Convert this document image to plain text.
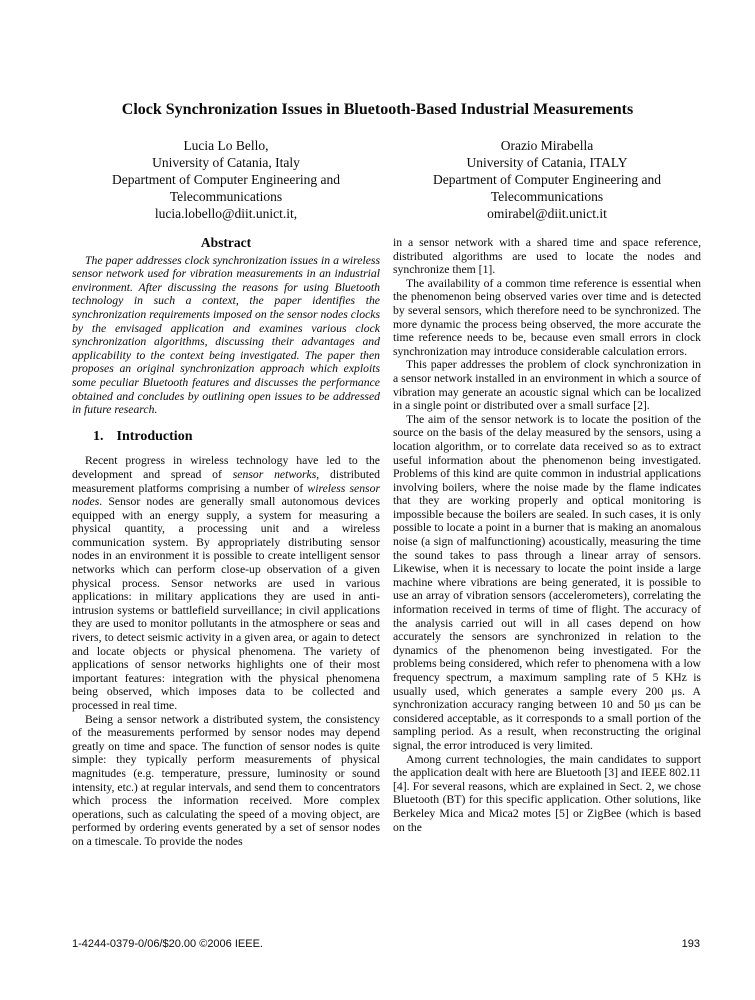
Clock Synchronization Issues in Bluetooth-Based Industrial Measurements
Lucia Lo Bello,
University of Catania, Italy
Department of Computer Engineering and
Telecommunications
lucia.lobello@diit.unict.it,
Orazio Mirabella
University of Catania, ITALY
Department of Computer Engineering and
Telecommunications
omirabel@diit.unict.it
Abstract

The paper addresses clock synchronization issues in a wireless sensor network used for vibration measurements in an industrial environment. After discussing the reasons for using Bluetooth technology in such a context, the paper identifies the synchronization requirements imposed on the sensor nodes clocks by the envisaged application and examines various clock synchronization algorithms, discussing their advantages and applicability to the context being investigated. The paper then proposes an original synchronization approach which exploits some peculiar Bluetooth features and discusses the performance obtained and concludes by outlining open issues to be addressed in future research.

1. Introduction

Recent progress in wireless technology have led to the development and spread of sensor networks, distributed measurement platforms comprising a number of wireless sensor nodes. Sensor nodes are generally small autonomous devices equipped with an energy supply, a system for measuring a physical quantity, a processing unit and a wireless communication system. By appropriately distributing sensor nodes in an environment it is possible to create intelligent sensor networks which can perform close-up observation of a given physical process. Sensor networks are used in various applications: in military applications they are used in anti-intrusion systems or battlefield surveillance; in civil applications they are used to monitor pollutants in the atmosphere or seas and rivers, to detect seismic activity in a given area, or again to detect and locate objects or physical phenomena. The variety of applications of sensor networks highlights one of their most important features: integration with the physical phenomena being observed, which imposes data to be collected and processed in real time.

Being a sensor network a distributed system, the consistency of the measurements performed by sensor nodes may depend greatly on time and space. The function of sensor nodes is quite simple: they typically perform measurements of physical magnitudes (e.g. temperature, pressure, luminosity or sound intensity, etc.) at regular intervals, and send them to concentrators which process the information received. More complex operations, such as calculating the speed of a moving object, are performed by ordering events generated by a set of sensor nodes on a timescale. To provide the nodes

in a sensor network with a shared time and space reference, distributed algorithms are used to locate the nodes and synchronize them [1].

The availability of a common time reference is essential when the phenomenon being observed varies over time and is detected by several sensors, which therefore need to be synchronized. The more dynamic the process being observed, the more accurate the time reference needs to be, because even small errors in clock synchronization may introduce considerable calculation errors.

This paper addresses the problem of clock synchronization in a sensor network installed in an environment in which a source of vibration may generate an acoustic signal which can be localized in a single point or distributed over a small surface [2].

The aim of the sensor network is to locate the position of the source on the basis of the delay measured by the sensors, using a location algorithm, or to correlate data received so as to extract useful information about the phenomenon being investigated. Problems of this kind are quite common in industrial applications involving boilers, where the noise made by the flame indicates that they are working properly and optical monitoring is impossible because the boilers are sealed. In such cases, it is only possible to locate a point in a burner that is making an anomalous noise (a sign of malfunctioning) acoustically, measuring the time the sound takes to pass through a linear array of sensors. Likewise, when it is necessary to locate the point inside a large machine where vibrations are being generated, it is possible to use an array of vibration sensors (accelerometers), correlating the information received in terms of time of flight. The accuracy of the analysis carried out will in all cases depend on how accurately the sensors are synchronized in relation to the dynamics of the phenomenon being investigated. For the problems being considered, which refer to phenomena with a low frequency spectrum, a maximum sampling rate of 5 KHz is usually used, which generates a sample every 200 μs. A synchronization accuracy ranging between 10 and 50 μs can be considered acceptable, as it corresponds to a small portion of the sampling period. As a result, when reconstructing the original signal, the error introduced is very limited.

Among current technologies, the main candidates to support the application dealt with here are Bluetooth [3] and IEEE 802.11 [4]. For several reasons, which are explained in Sect. 2, we chose Bluetooth (BT) for this specific application. Other solutions, like Berkeley Mica and Mica2 motes [5] or ZigBee (which is based on the

1-4244-0379-0/06/$20.00 ©2006 IEEE.	193
